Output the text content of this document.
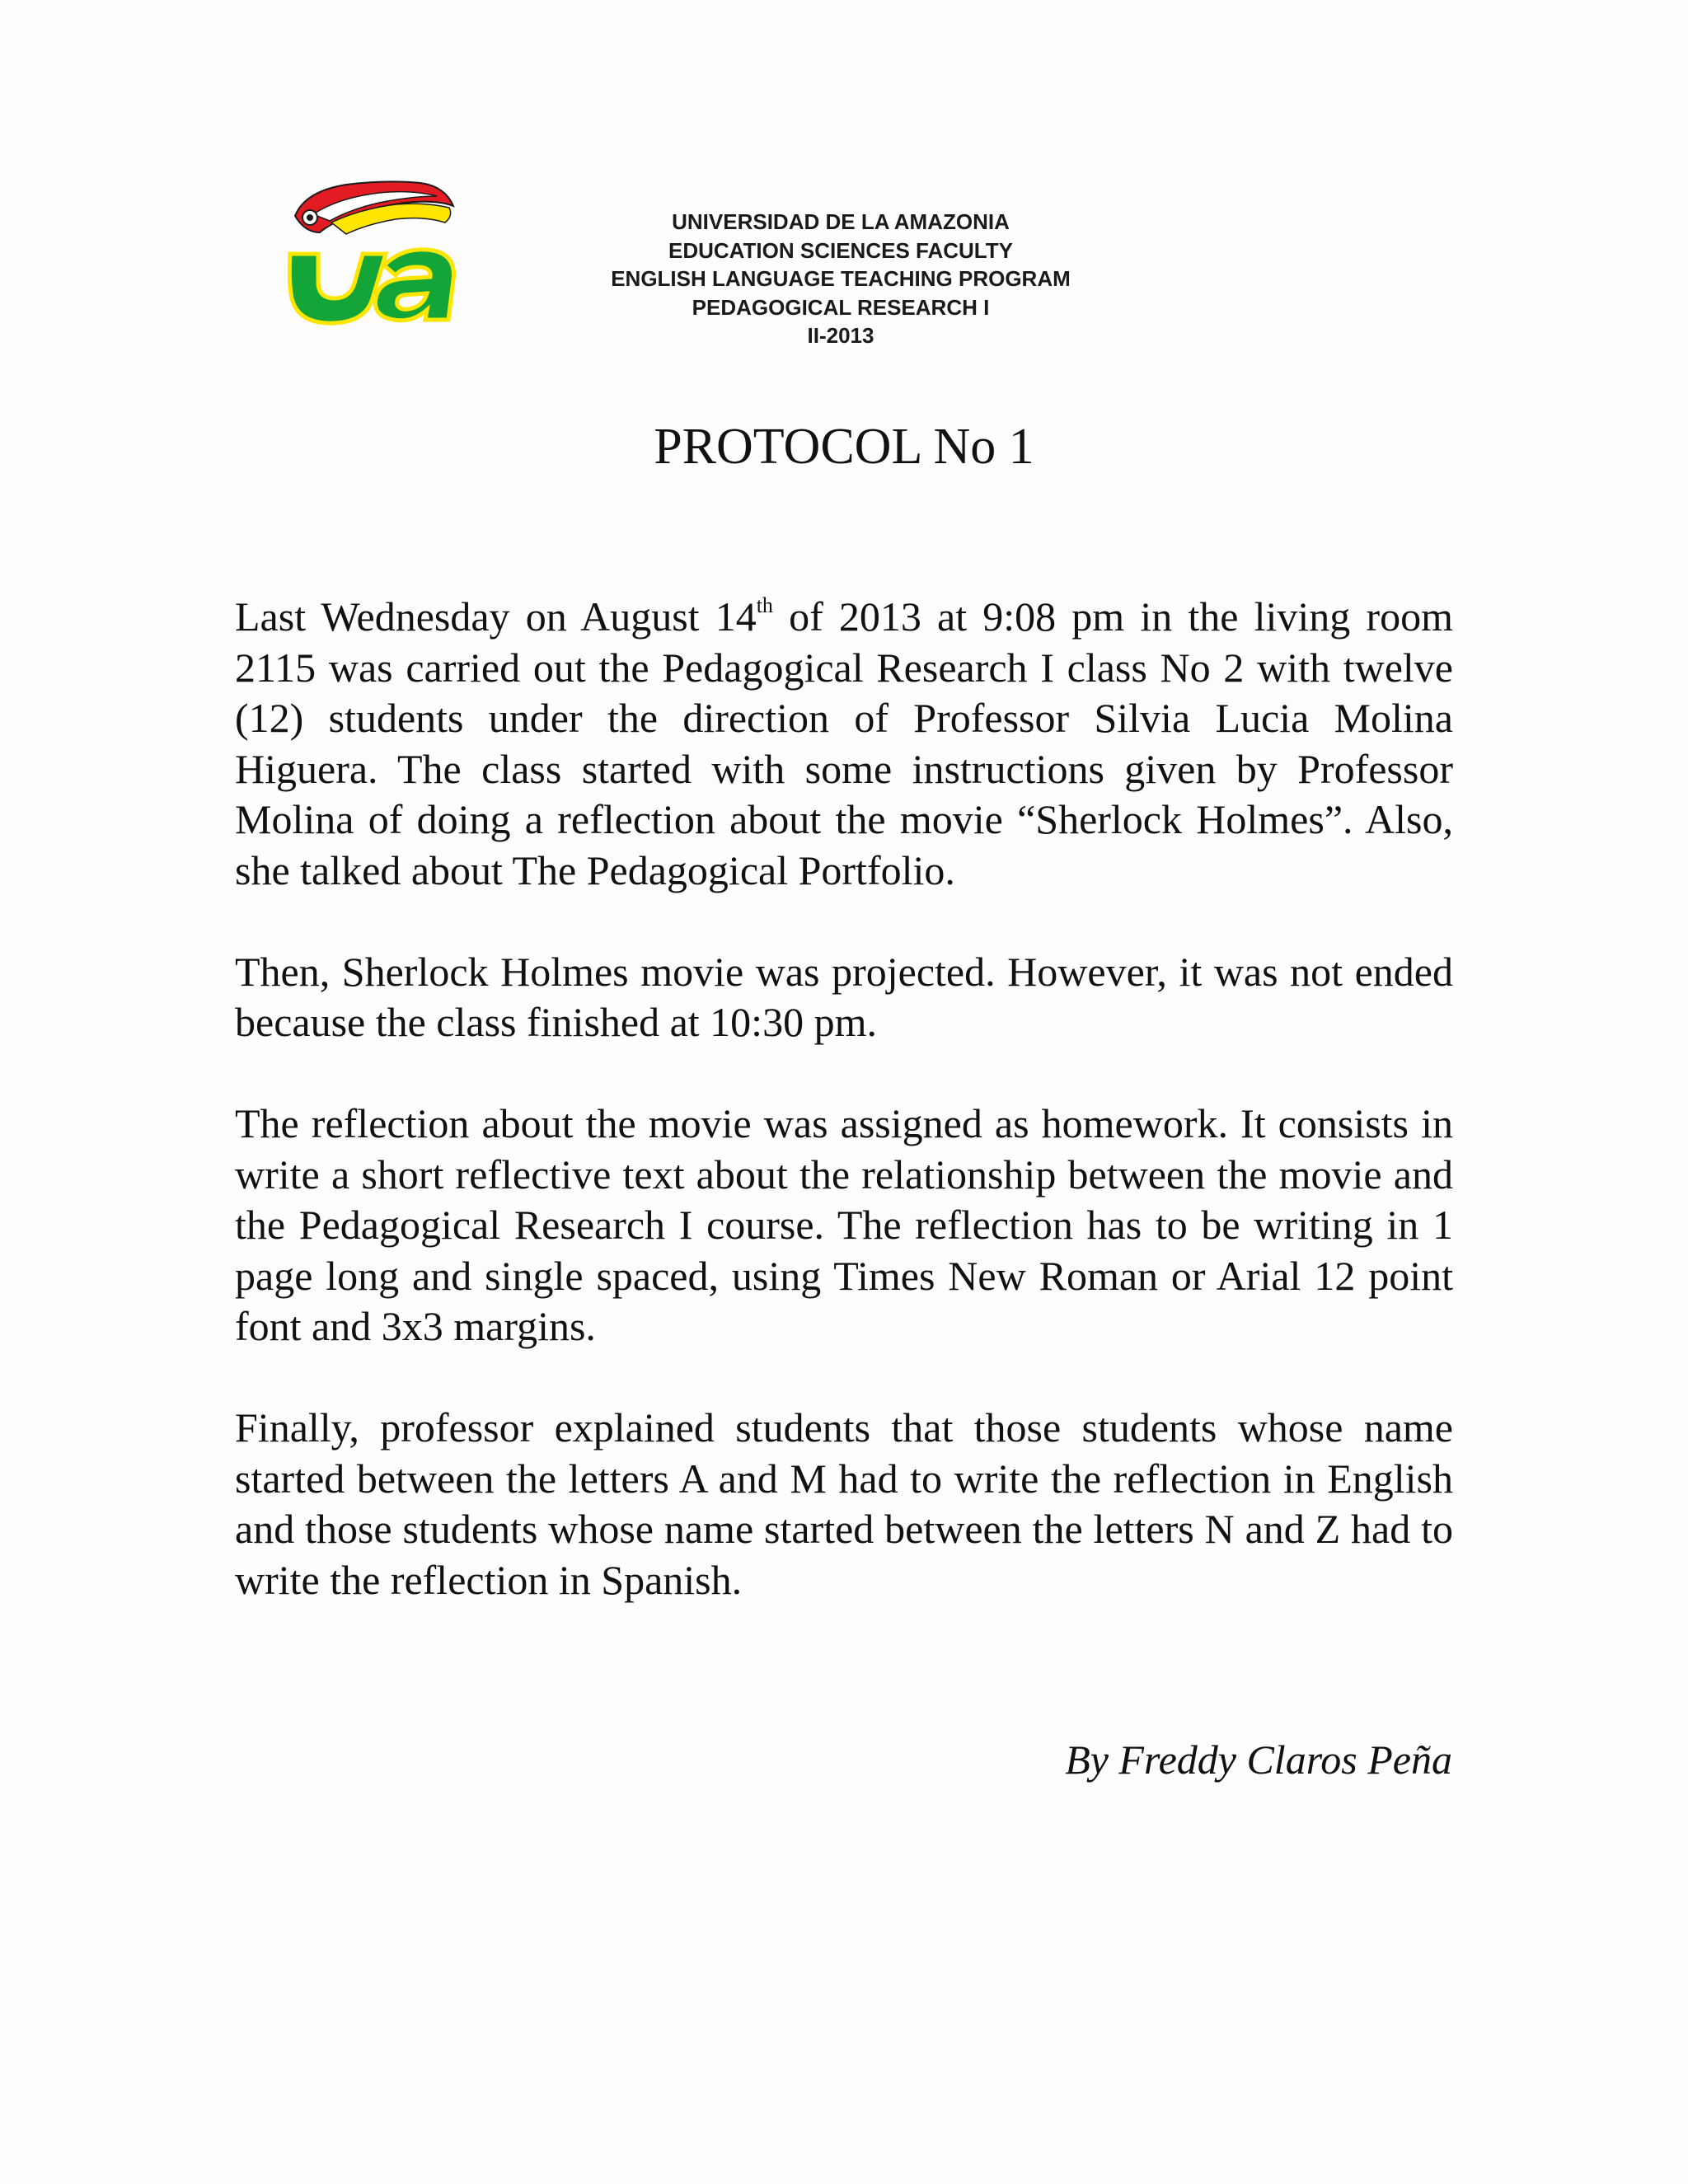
UNIVERSIDAD DE LA AMAZONIA
EDUCATION SCIENCES FACULTY
ENGLISH LANGUAGE TEACHING PROGRAM
PEDAGOGICAL RESEARCH I
II-2013
PROTOCOL No 1

Last Wednesday on August 14th of 2013 at 9:08 pm in the living room 2115 was carried out the Pedagogical Research I class No 2 with twelve (12) students under the direction of Professor Silvia Lucia Molina Higuera. The class started with some instructions given by Professor Molina of doing a reflection about the movie “Sherlock Holmes”. Also, she talked about The Pedagogical Portfolio.

Then, Sherlock Holmes movie was projected. However, it was not ended because the class finished at 10:30 pm.

The reflection about the movie was assigned as homework. It consists in write a short reflective text about the relationship between the movie and the Pedagogical Research I course. The reflection has to be writing in 1 page long and single spaced, using Times New Roman or Arial 12 point font and 3x3 margins.

Finally, professor explained students that those students whose name started between the letters A and M had to write the reflection in English and those students whose name started between the letters N and Z had to write the reflection in Spanish.

By Freddy Claros Peña
